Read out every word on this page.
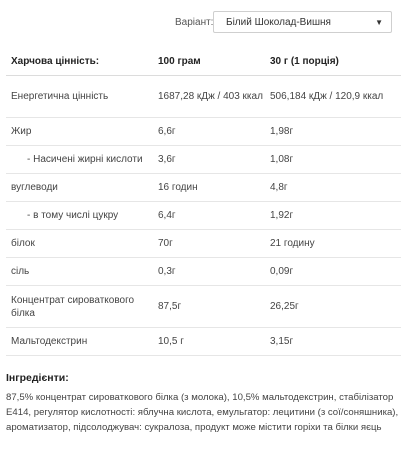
Варіант: Білий Шоколад-Вишня	▼
Харчова цінність:	100 грам	30 г (1 порція)
Енергетична цінність	1687,28 кДж / 403 ккал	506,184 кДж / 120,9 ккал
Жир	6,6г	1,98г
- Насичені жирні кислоти	3,6г	1,08г
вуглеводи	16 годин	4,8г
- в тому числі цукру	6,4г	1,92г
білок	70г	21 годину
сіль	0,3г	0,09г
Концентрат сироваткового білка	87,5г	26,25г
Мальтодекстрин	10,5 г	3,15г
Інгредієнти:
87,5% концентрат сироваткового білка (з молока), 10,5% мальтодекстрин, стабілізатор Е414, регулятор кислотності: яблучна кислота, емульгатор: лецитини (з сої/соняшника), ароматизатор, підсолоджувач: сукралоза, продукт може містити горіхи та білки яєць
